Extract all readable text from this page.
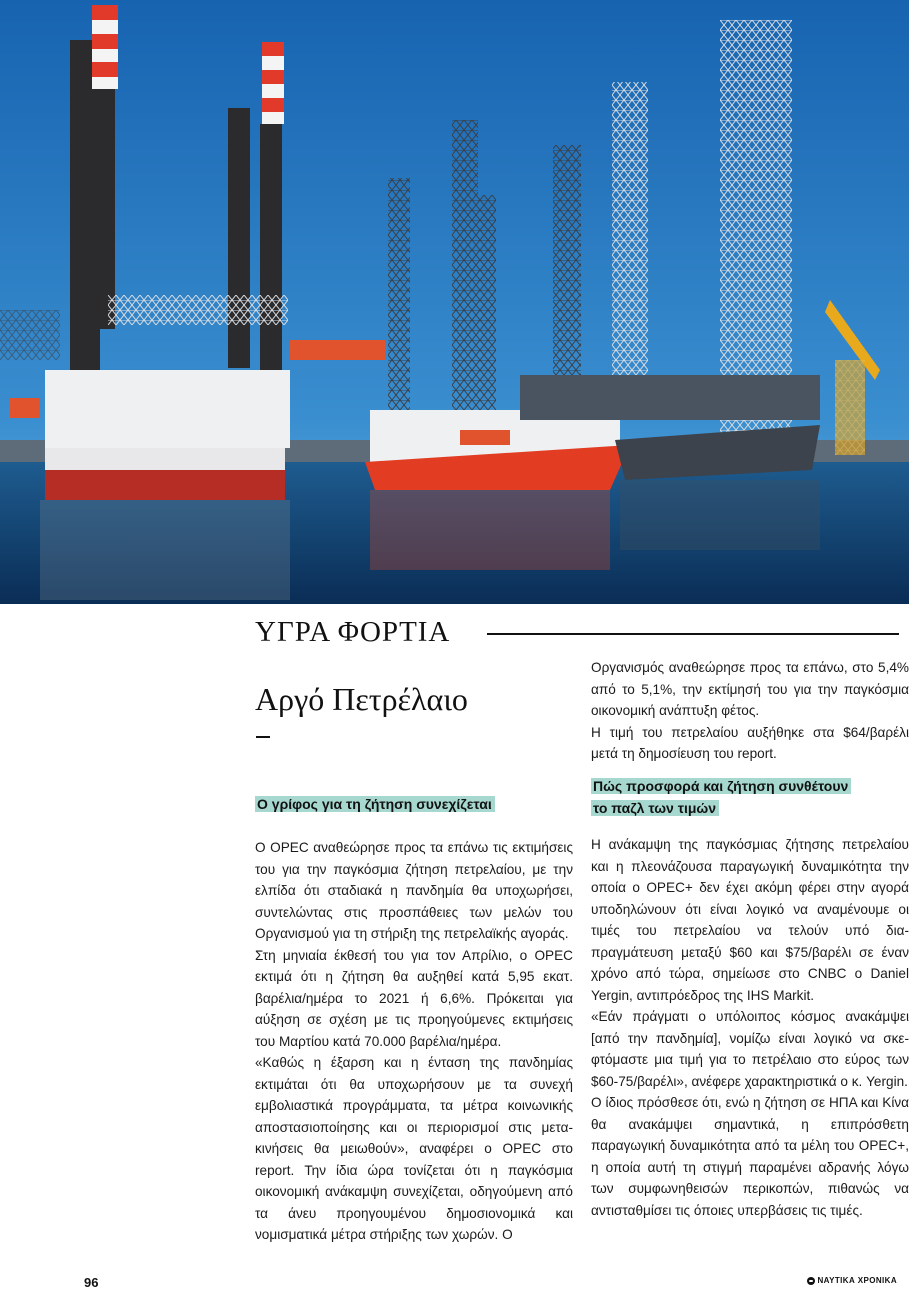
ΥΓΡΑ ΦΟΡΤΙΑ
Αργό Πετρέλαιο
Ο γρίφος για τη ζήτηση συνεχίζεται

Ο OPEC αναθεώρησε προς τα επάνω τις εκτιμήσεις του για την παγκόσμια ζήτηση πετρελαίου, με την ελπίδα ότι σταδιακά η πανδημία θα υποχωρήσει, συντελώντας στις προσπάθειες των μελών του Οργανισμού για τη στήριξη της πετρελαϊκής αγοράς.

Στη μηνιαία έκθεσή του για τον Απρίλιο, ο OPEC εκτιμά ότι η ζήτηση θα αυξηθεί κατά 5,95 εκατ. βαρέλια/ημέρα το 2021 ή 6,6%. Πρόκειται για αύξηση σε σχέση με τις προηγούμενες εκτιμήσεις του Μαρτίου κατά 70.000 βαρέλια/ημέρα.

«Καθώς η έξαρση και η ένταση της πανδημίας εκτιμάται ότι θα υποχωρήσουν με τα συνεχή εμβολιαστικά προγράμματα, τα μέτρα κοινωνικής αποστασιοποίησης και οι περιορισμοί στις μετακινήσεις θα μειωθούν», αναφέρει ο OPEC στο report. Την ίδια ώρα τονίζεται ότι η παγκόσμια οικονομική ανάκαμψη συνεχίζεται, οδηγούμενη από τα άνευ προηγουμένου δημοσιονομικά και νομισματικά μέτρα στήριξης των χωρών. Ο

Οργανισμός αναθεώρησε προς τα επάνω, στο 5,4% από το 5,1%, την εκτίμησή του για την παγκόσμια οικονομική ανάπτυξη φέτος.

Η τιμή του πετρελαίου αυξήθηκε στα $64/βαρέλι μετά τη δημοσίευση του report.

Πώς προσφορά και ζήτηση συνθέτουν
το παζλ των τιμών

Η ανάκαμψη της παγκόσμιας ζήτησης πετρελαίου και η πλεονάζουσα παραγωγική δυναμικότητα την οποία ο OPEC+ δεν έχει ακόμη φέρει στην αγορά υποδηλώνουν ότι είναι λογικό να αναμένουμε οι τιμές του πετρελαίου να τελούν υπό διαπραγμάτευση μεταξύ $60 και $75/βαρέλι σε έναν χρόνο από τώρα, σημείωσε στο CNBC ο Daniel Yergin, αντιπρόεδρος της IHS Markit.

«Εάν πράγματι ο υπόλοιπος κόσμος ανακάμψει [από την πανδημία], νομίζω είναι λογικό να σκεφτόμαστε μια τιμή για το πετρέλαιο στο εύρος των $60-75/βαρέλι», ανέφερε χαρακτηριστικά ο κ. Yergin.

Ο ίδιος πρόσθεσε ότι, ενώ η ζήτηση σε ΗΠΑ και Κίνα θα ανακάμψει σημαντικά, η επιπρόσθετη παραγωγική δυναμικότητα από τα μέλη του OPEC+, η οποία αυτή τη στιγμή παραμένει αδρανής λόγω των συμφωνηθεισών περικοπών, πιθανώς να αντισταθμίσει τις όποιες υπερβάσεις τις τιμές.

96	ΝΑΥΤΙΚΑ ΧΡΟΝΙΚΑ
